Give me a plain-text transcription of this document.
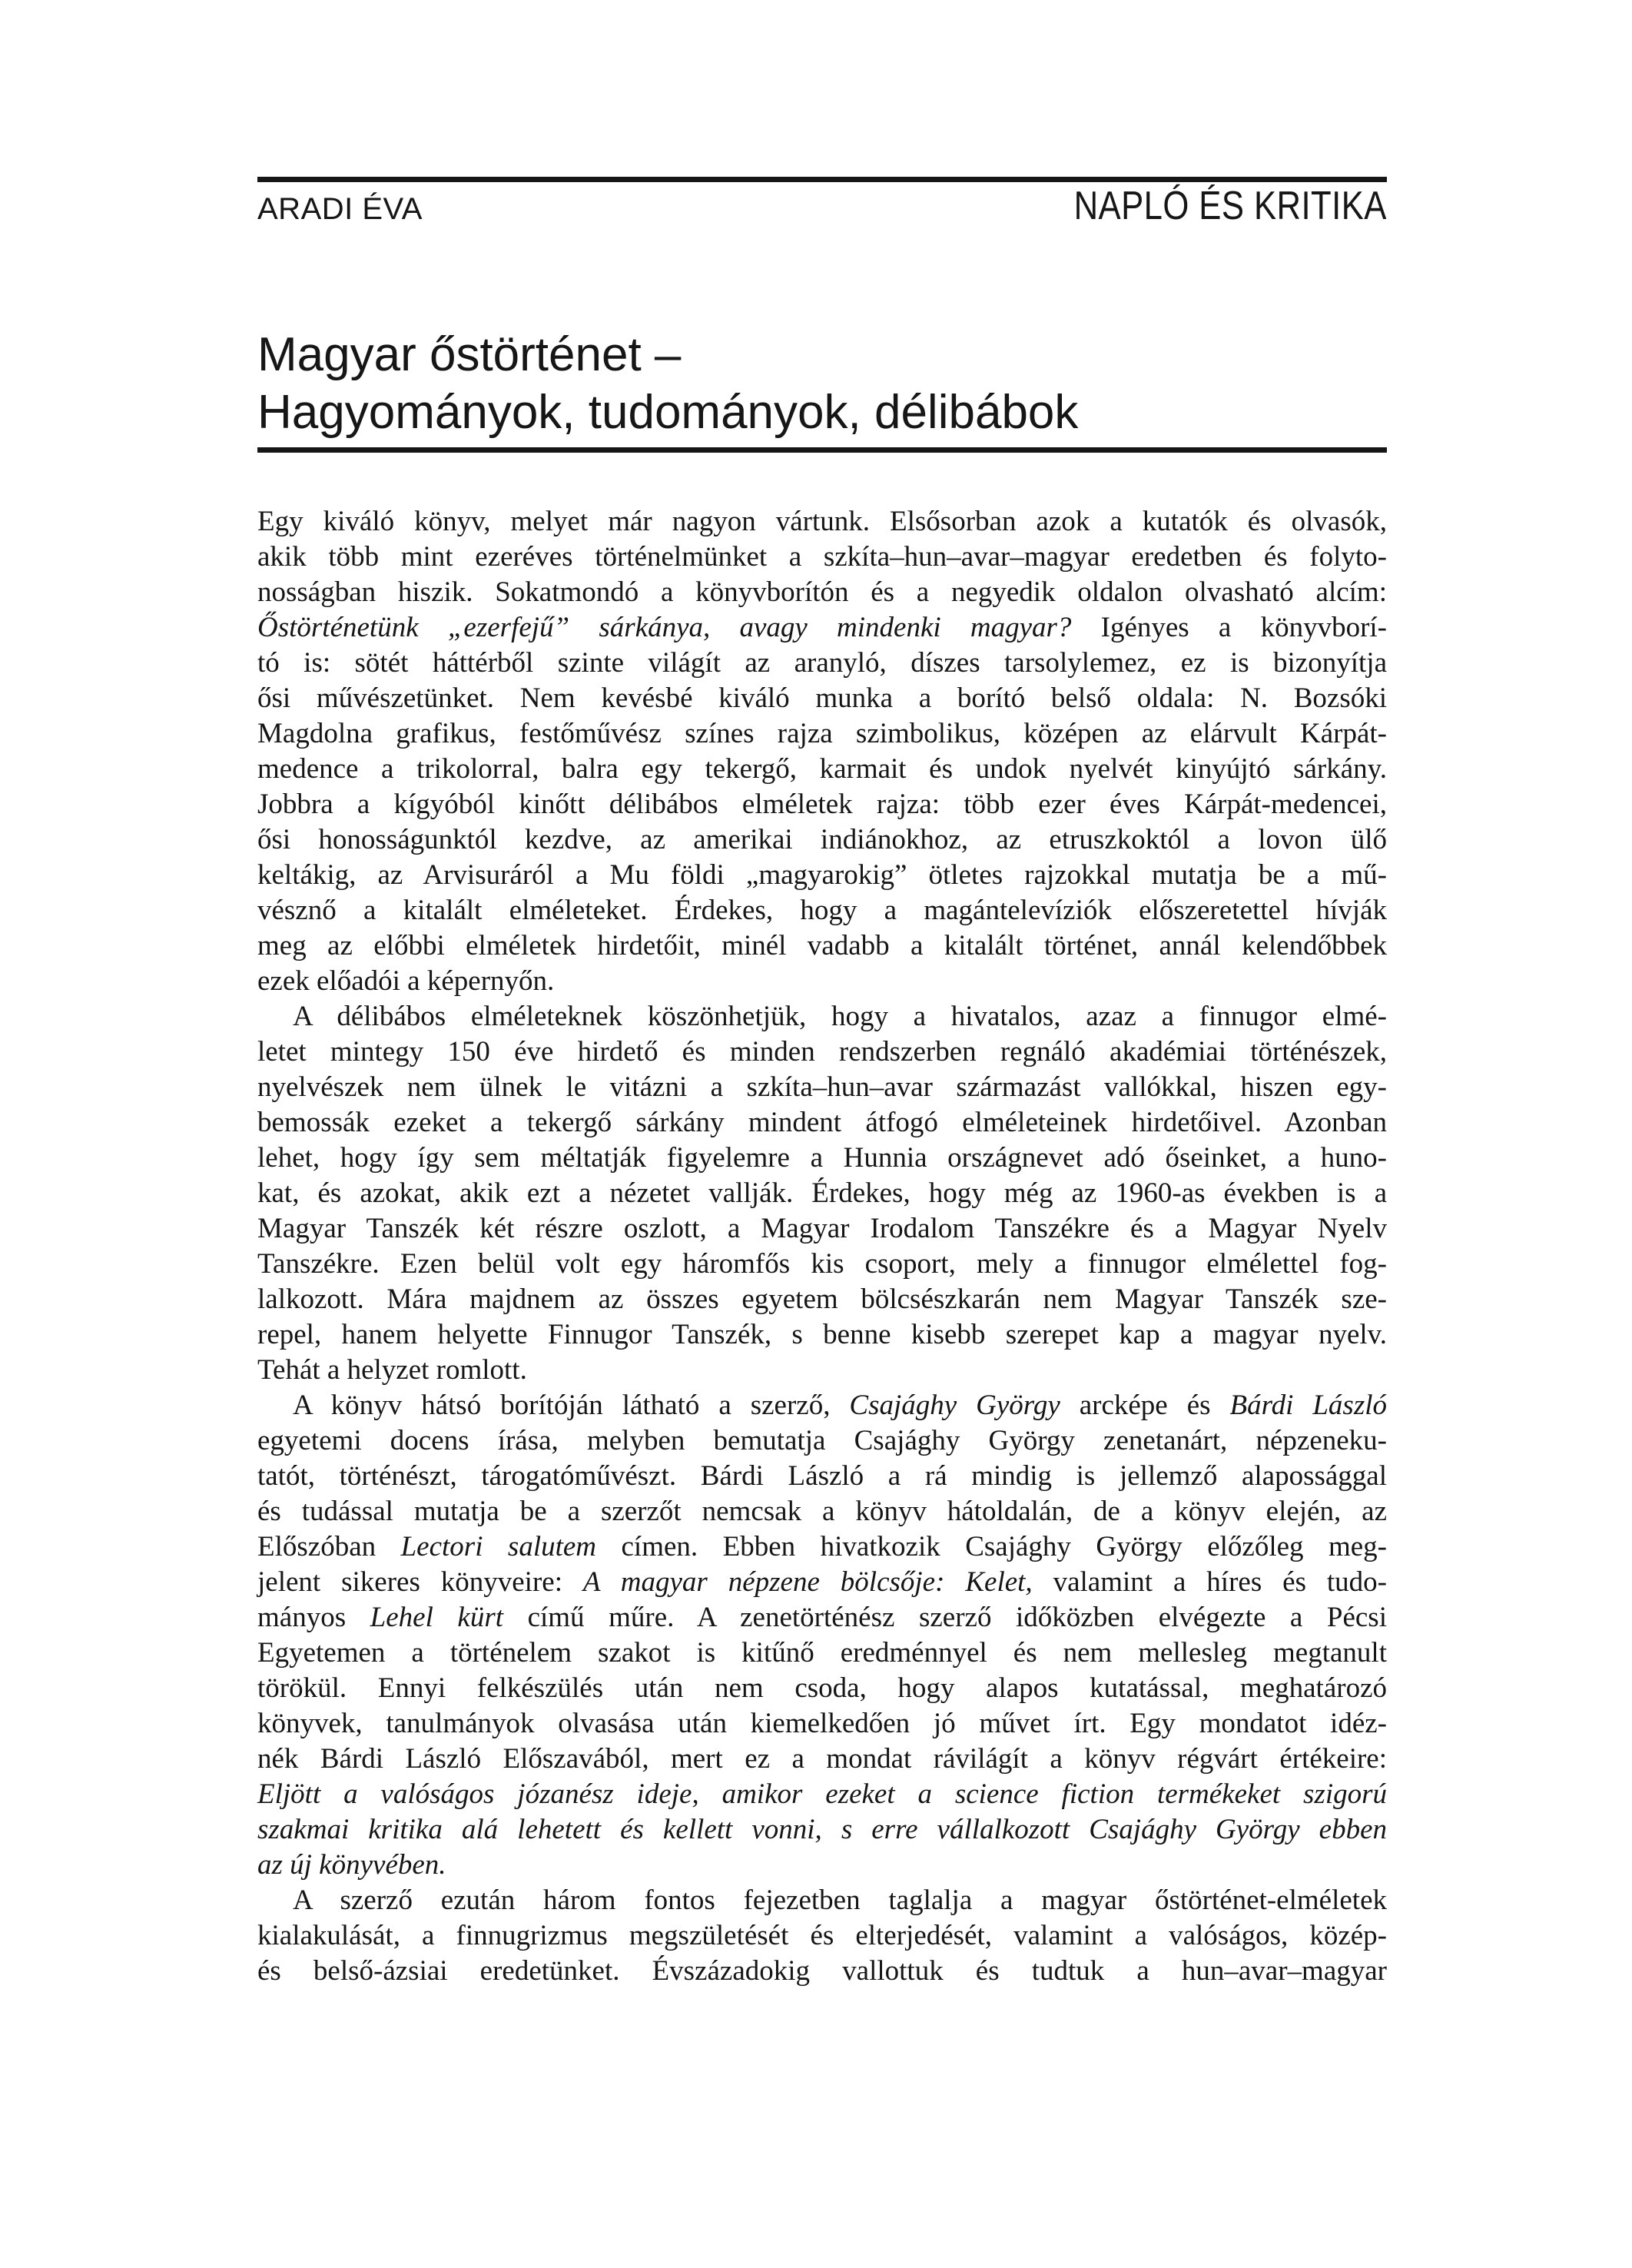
ARADI ÉVA	NAPLÓ ÉS KRITIKA
Magyar őstörténet –
Hagyományok, tudományok, délibábok
Egy kiváló könyv, melyet már nagyon vártunk. Elsősorban azok a kutatók és olvasók,
akik több mint ezeréves történelmünket a szkíta–hun–avar–magyar eredetben és folyto-
nosságban hiszik. Sokatmondó a könyvborítón és a negyedik oldalon olvasható alcím:
Őstörténetünk „ezerfejű” sárkánya, avagy mindenki magyar? Igényes a könyvborí-
tó is: sötét háttérből szinte világít az aranyló, díszes tarsolylemez, ez is bizonyítja
ősi művészetünket. Nem kevésbé kiváló munka a borító belső oldala: N. Bozsóki
Magdolna grafikus, festőművész színes rajza szimbolikus, középen az elárvult Kárpát-
medence a trikolorral, balra egy tekergő, karmait és undok nyelvét kinyújtó sárkány.
Jobbra a kígyóból kinőtt délibábos elméletek rajza: több ezer éves Kárpát-medencei,
ősi honosságunktól kezdve, az amerikai indiánokhoz, az etruszkoktól a lovon ülő
keltákig, az Arvisuráról a Mu földi „magyarokig” ötletes rajzokkal mutatja be a mű-
vésznő a kitalált elméleteket. Érdekes, hogy a magántelevíziók előszeretettel hívják
meg az előbbi elméletek hirdetőit, minél vadabb a kitalált történet, annál kelendőbbek
ezek előadói a képernyőn.
A délibábos elméleteknek köszönhetjük, hogy a hivatalos, azaz a finnugor elmé-
letet mintegy 150 éve hirdető és minden rendszerben regnáló akadémiai történészek,
nyelvészek nem ülnek le vitázni a szkíta–hun–avar származást vallókkal, hiszen egy-
bemossák ezeket a tekergő sárkány mindent átfogó elméleteinek hirdetőivel. Azonban
lehet, hogy így sem méltatják figyelemre a Hunnia országnevet adó őseinket, a huno-
kat, és azokat, akik ezt a nézetet vallják. Érdekes, hogy még az 1960-as években is a
Magyar Tanszék két részre oszlott, a Magyar Irodalom Tanszékre és a Magyar Nyelv
Tanszékre. Ezen belül volt egy háromfős kis csoport, mely a finnugor elmélettel fog-
lalkozott. Mára majdnem az összes egyetem bölcsészkarán nem Magyar Tanszék sze-
repel, hanem helyette Finnugor Tanszék, s benne kisebb szerepet kap a magyar nyelv.
Tehát a helyzet romlott.
A könyv hátsó borítóján látható a szerző, Csajághy György arcképe és Bárdi László
egyetemi docens írása, melyben bemutatja Csajághy György zenetanárt, népzeneku-
tatót, történészt, tárogatóművészt. Bárdi László a rá mindig is jellemző alapossággal
és tudással mutatja be a szerzőt nemcsak a könyv hátoldalán, de a könyv elején, az
Előszóban Lectori salutem címen. Ebben hivatkozik Csajághy György előzőleg meg-
jelent sikeres könyveire: A magyar népzene bölcsője: Kelet, valamint a híres és tudo-
mányos Lehel kürt című műre. A zenetörténész szerző időközben elvégezte a Pécsi
Egyetemen a történelem szakot is kitűnő eredménnyel és nem mellesleg megtanult
törökül. Ennyi felkészülés után nem csoda, hogy alapos kutatással, meghatározó
könyvek, tanulmányok olvasása után kiemelkedően jó művet írt. Egy mondatot idéz-
nék Bárdi László Előszavából, mert ez a mondat rávilágít a könyv régvárt értékeire:
Eljött a valóságos józanész ideje, amikor ezeket a science fiction termékeket szigorú
szakmai kritika alá lehetett és kellett vonni, s erre vállalkozott Csajághy György ebben
az új könyvében.
A szerző ezután három fontos fejezetben taglalja a magyar őstörténet-elméletek
kialakulását, a finnugrizmus megszületését és elterjedését, valamint a valóságos, közép-
és belső-ázsiai eredetünket. Évszázadokig vallottuk és tudtuk a hun–avar–magyar
